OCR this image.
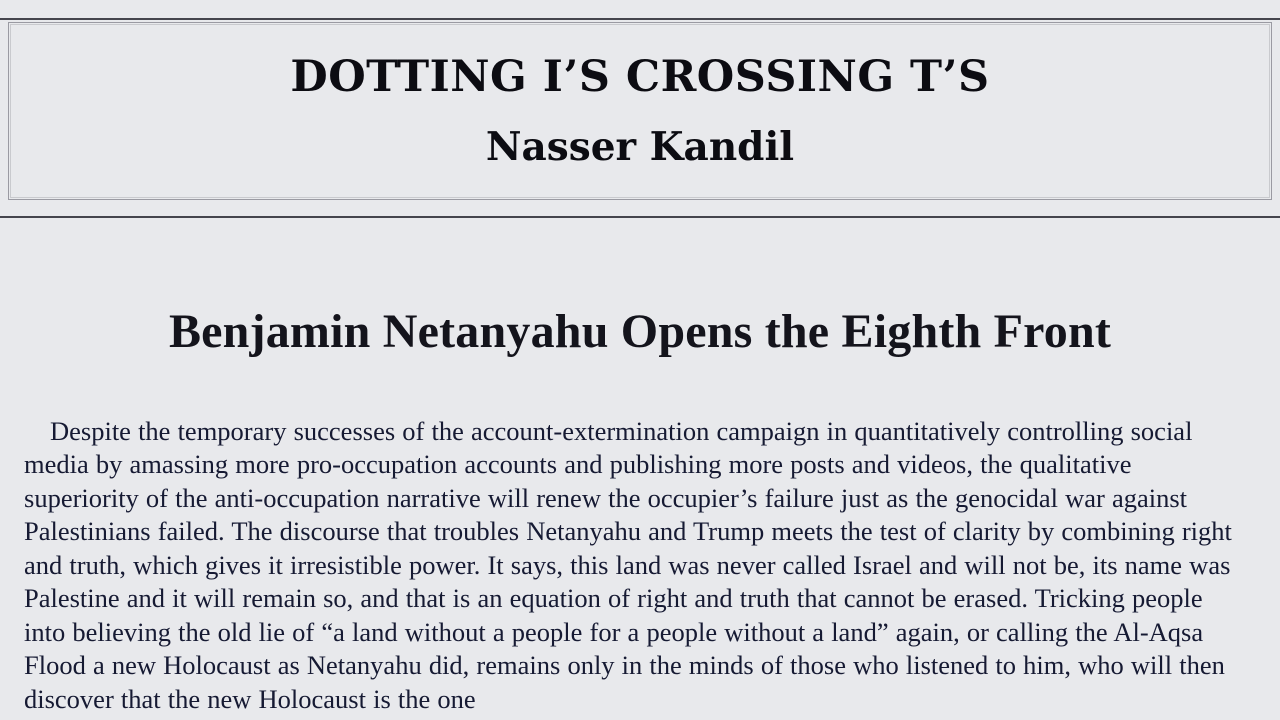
DOTTING I’S CROSSING T’S
Nasser Kandil
Benjamin Netanyahu Opens the Eighth Front

Despite the temporary successes of the account-extermination campaign in quantitatively controlling social media by amassing more pro-occupation accounts and publishing more posts and videos, the qualitative superiority of the anti-occupation narrative will renew the occupier’s failure just as the genocidal war against Palestinians failed. The discourse that troubles Netanyahu and Trump meets the test of clarity by combining right and truth, which gives it irresistible power. It says, this land was never called Israel and will not be, its name was Palestine and it will remain so, and that is an equation of right and truth that cannot be erased. Tricking people into believing the old lie of “a land without a people for a people without a land” again, or calling the Al-Aqsa Flood a new Holocaust as Netanyahu did, remains only in the minds of those who listened to him, who will then discover that the new Holocaust is the one
